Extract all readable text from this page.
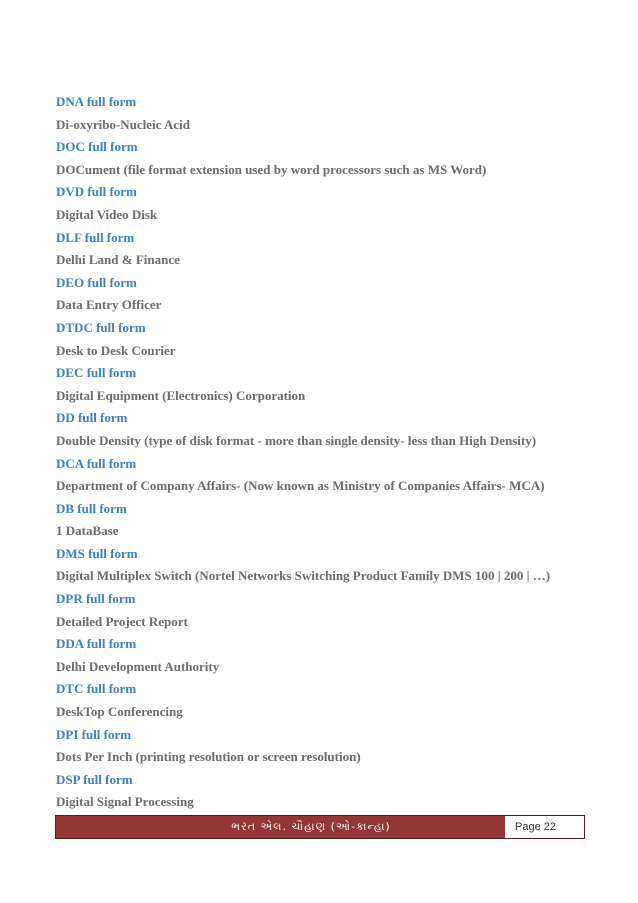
DNA full form
Di-oxyribo-Nucleic Acid
DOC full form
DOCument (file format extension used by word processors such as MS Word)
DVD full form
Digital Video Disk
DLF full form
Delhi Land & Finance
DEO full form
Data Entry Officer
DTDC full form
Desk to Desk Courier
DEC full form
Digital Equipment (Electronics) Corporation
DD full form
Double Density (type of disk format - more than single density- less than High Density)
DCA full form
Department of Company Affairs- (Now known as Ministry of Companies Affairs- MCA)
DB full form
1 DataBase
DMS full form
Digital Multiplex Switch (Nortel Networks Switching Product Family DMS 100 | 200 | …)
DPR full form
Detailed Project Report
DDA full form
Delhi Development Authority
DTC full form
DeskTop Conferencing
DPI full form
Dots Per Inch (printing resolution or screen resolution)
DSP full form
Digital Signal Processing
ભરત એલ. ચૌહાણ (ઓ-કાન્હા)	Page 22
